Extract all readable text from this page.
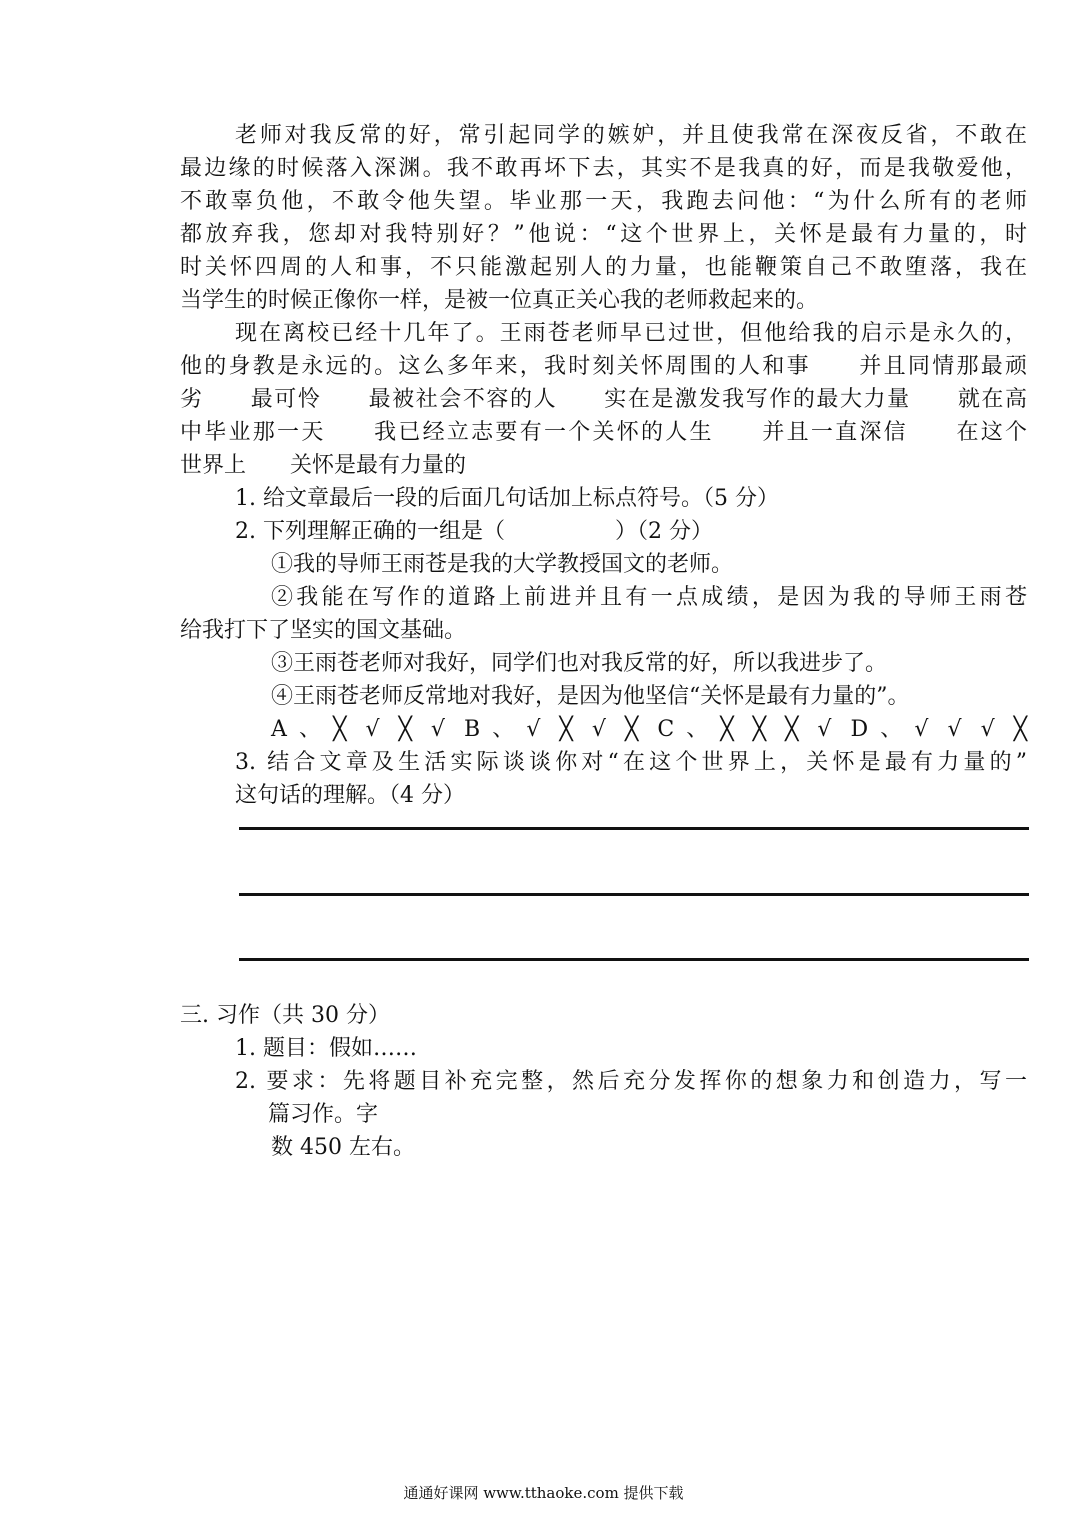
老师对我反常的好，常引起同学的嫉妒，并且使我常在深夜反省，不敢在
最边缘的时候落入深渊。我不敢再坏下去，其实不是我真的好，而是我敬爱他，
不敢辜负他，不敢令他失望。毕业那一天，我跑去问他：“为什么所有的老师
都放弃我，您却对我特别好？”他说：“这个世界上，关怀是最有力量的，时
时关怀四周的人和事，不只能激起别人的力量，也能鞭策自己不敢堕落，我在
当学生的时候正像你一样，是被一位真正关心我的老师救起来的。
现在离校已经十几年了。王雨苍老师早已过世，但他给我的启示是永久的，
他的身教是永远的。这么多年来，我时刻关怀周围的人和事　　并且同情那最顽
劣　　最可怜　　最被社会不容的人　　实在是激发我写作的最大力量　　就在高
中毕业那一天　　我已经立志要有一个关怀的人生　　并且一直深信　　在这个
世界上　　关怀是最有力量的
1. 给文章最后一段的后面几句话加上标点符号。（5 分）
2. 下列理解正确的一组是（　　　　　）（2 分）
①我的导师王雨苍是我的大学教授国文的老师。
②我能在写作的道路上前进并且有一点成绩，是因为我的导师王雨苍
给我打下了坚实的国文基础。
③王雨苍老师对我好，同学们也对我反常的好，所以我进步了。
④王雨苍老师反常地对我好，是因为他坚信“关怀是最有力量的”。
A、╳ √ ╳ √ B、√ ╳ √ ╳ C、╳ ╳ ╳ √ D、√ √ √ ╳
3. 结合文章及生活实际谈谈你对“在这个世界上，关怀是最有力量的”
这句话的理解。（4 分）
三. 习作（共 30 分）
1. 题目：假如……
2. 要求：先将题目补充完整，然后充分发挥你的想象力和创造力，写一
篇习作。字
数 450 左右。
通通好课网 www.tthaoke.com 提供下载
